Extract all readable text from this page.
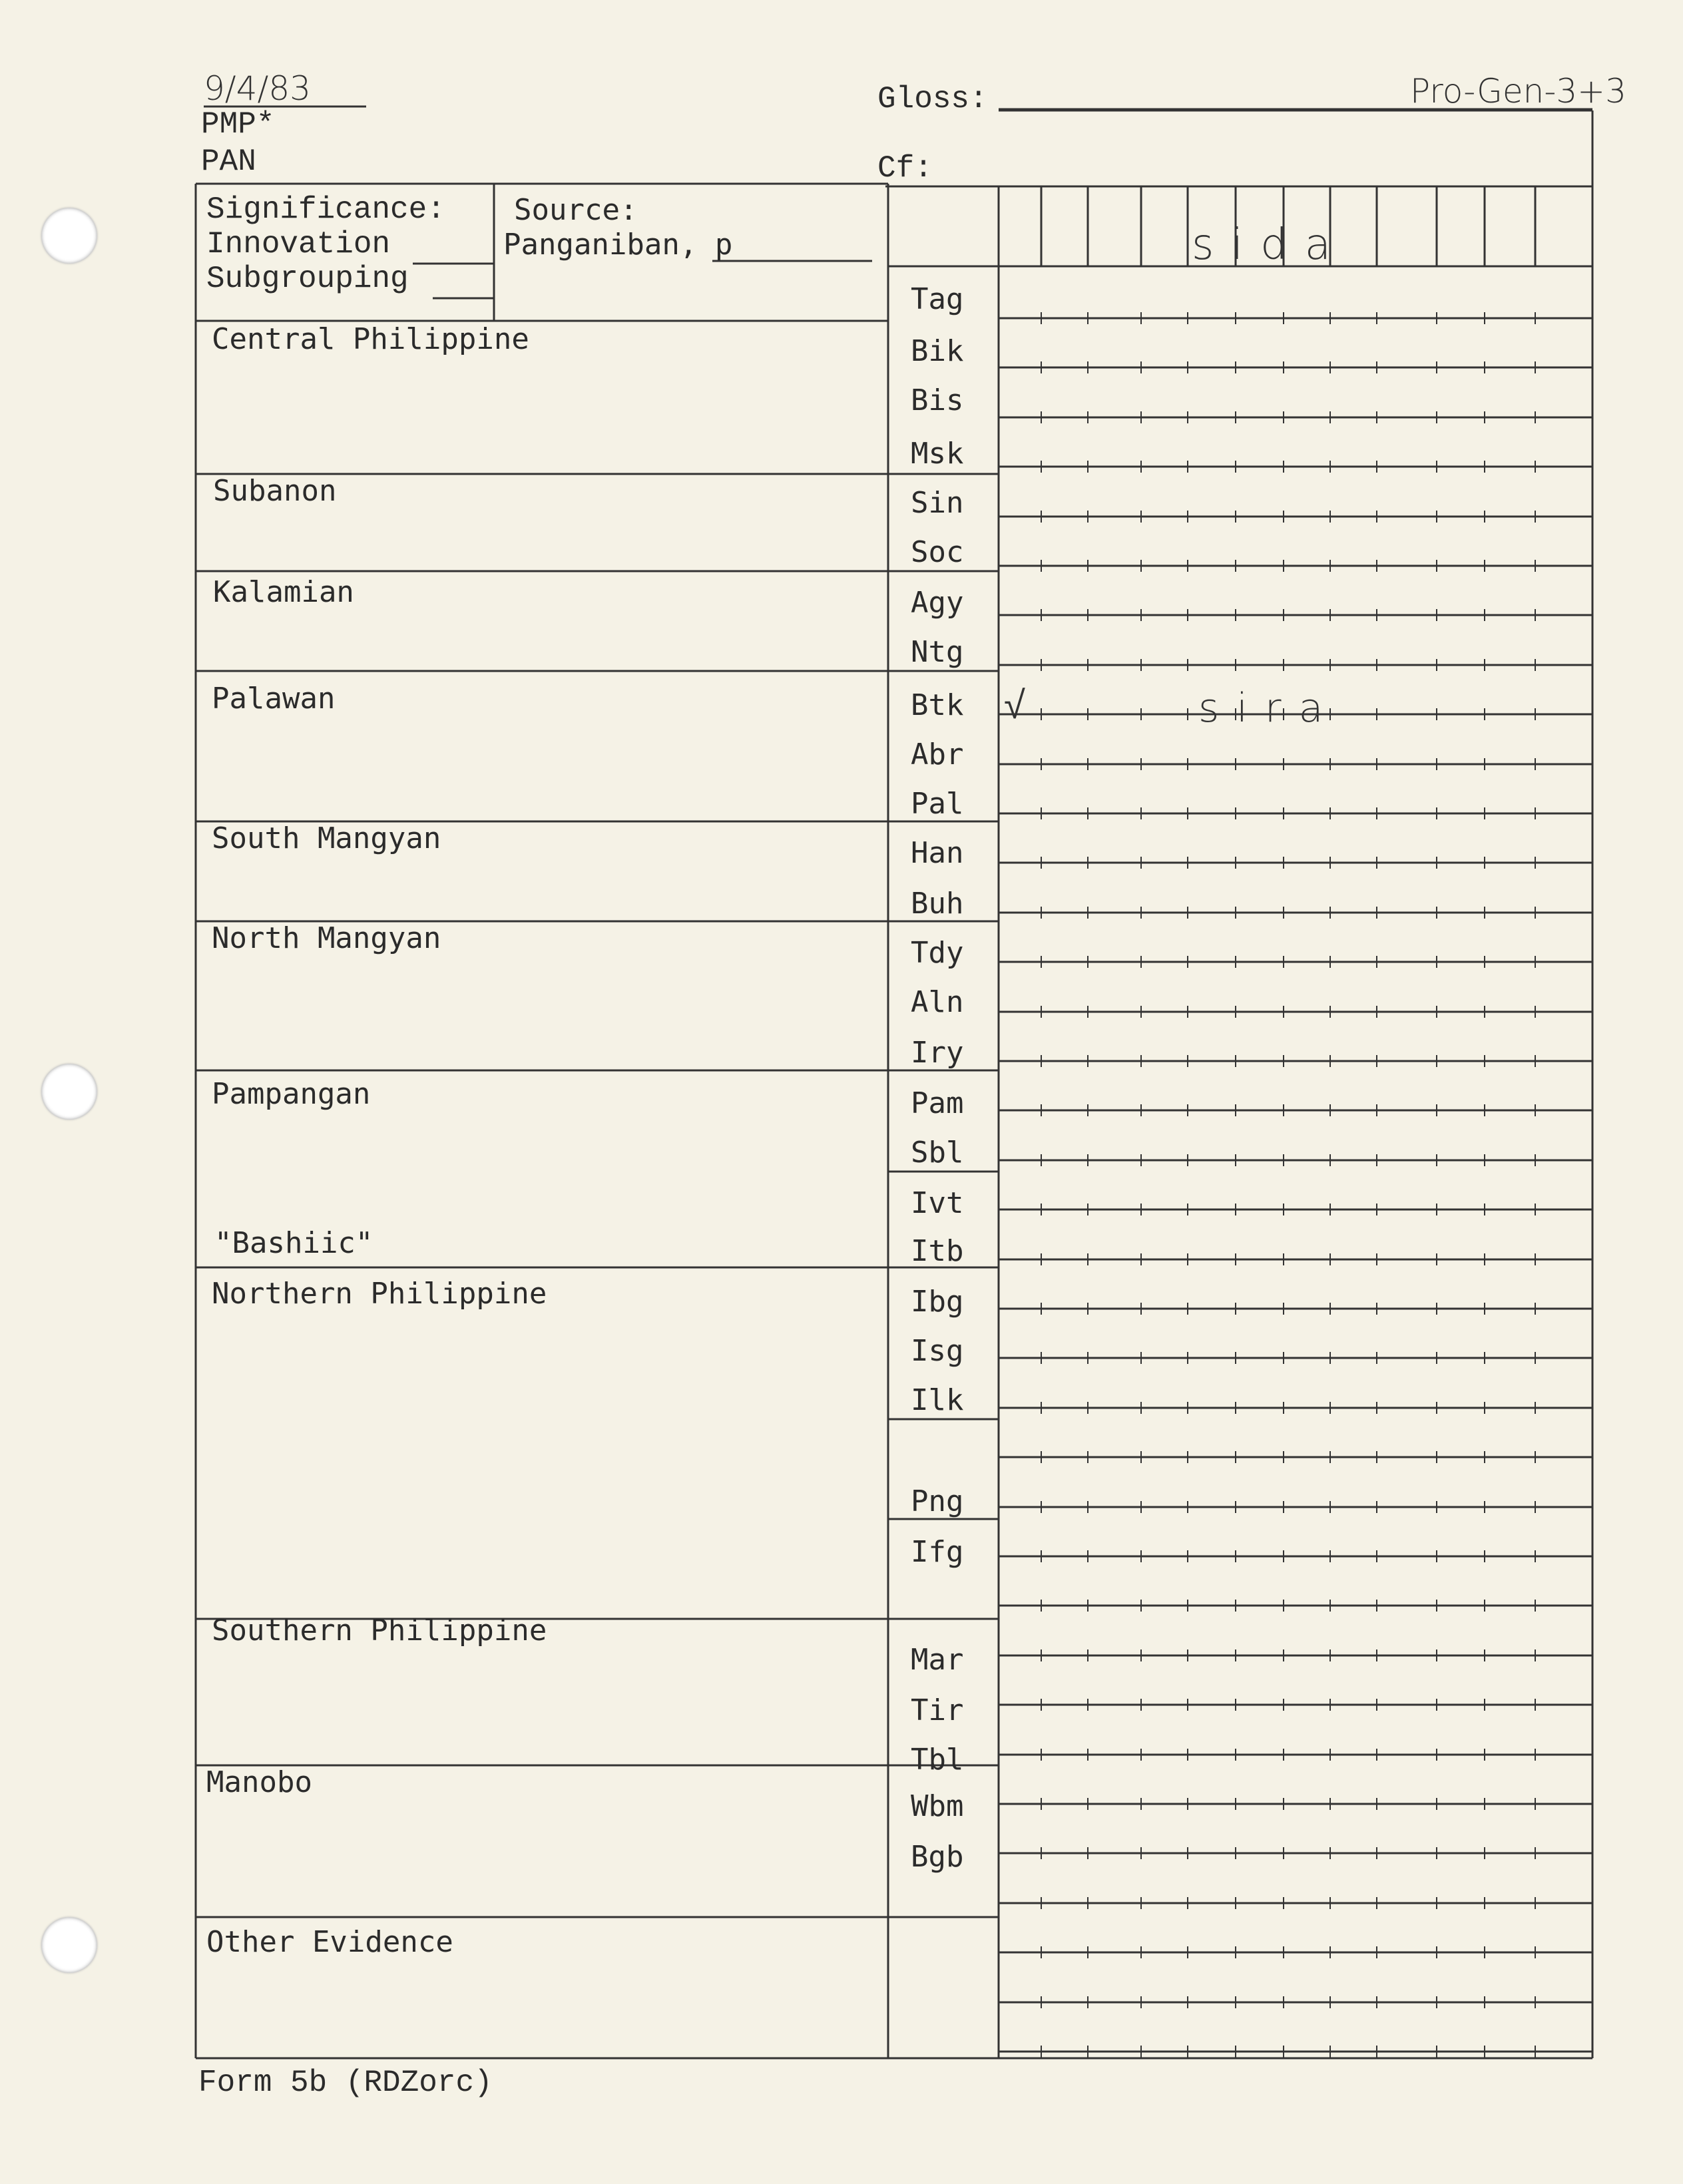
9/4/83
PMP*
PAN
Gloss:
Cf:
Pro-Gen-3+3
Significance:
Innovation
Subgrouping
Source:
Panganiban, p	sida
Central Philippine
Subanon
Kalamian
Palawan
South Mangyan
North Mangyan
Pampangan
"Bashiic"
Northern Philippine
Southern Philippine
Manobo
Other Evidence
Tag
Bik
Bis
Msk
Sin
Soc
Agy
Ntg
Btk
Abr
Pal
Han
Buh
Tdy
Aln
Iry
Pam
Sbl
Ivt
Itb
Ibg
Isg
Ilk
Png
Ifg
Mar
Tir
Tbl
Wbm
Bgb
√	sira
Form 5b (RDZorc)
